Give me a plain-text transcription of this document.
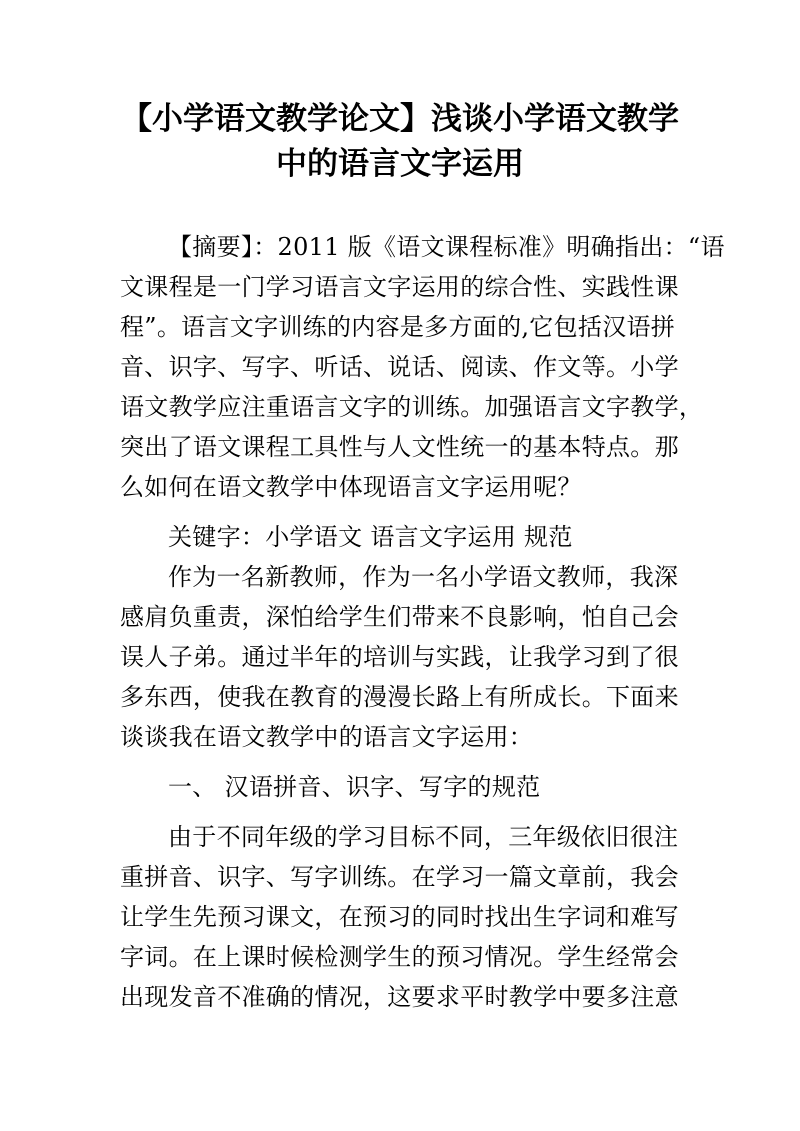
【小学语文教学论文】浅谈小学语文教学
中的语言文字运用
【摘要】：2011 版《语文课程标准》明确指出：“语
文课程是一门学习语言文字运用的综合性、实践性课
程”。语言文字训练的内容是多方面的,它包括汉语拼
音、识字、写字、听话、说话、阅读、作文等。小学
语文教学应注重语言文字的训练。加强语言文字教学，
突出了语文课程工具性与人文性统一的基本特点。那
么如何在语文教学中体现语言文字运用呢？
关键字：小学语文 语言文字运用 规范
作为一名新教师，作为一名小学语文教师，我深
感肩负重责，深怕给学生们带来不良影响，怕自己会
误人子弟。通过半年的培训与实践，让我学习到了很
多东西，使我在教育的漫漫长路上有所成长。下面来
谈谈我在语文教学中的语言文字运用：
一、 汉语拼音、识字、写字的规范
由于不同年级的学习目标不同，三年级依旧很注
重拼音、识字、写字训练。在学习一篇文章前，我会
让学生先预习课文，在预习的同时找出生字词和难写
字词。在上课时候检测学生的预习情况。学生经常会
出现发音不准确的情况，这要求平时教学中要多注意
